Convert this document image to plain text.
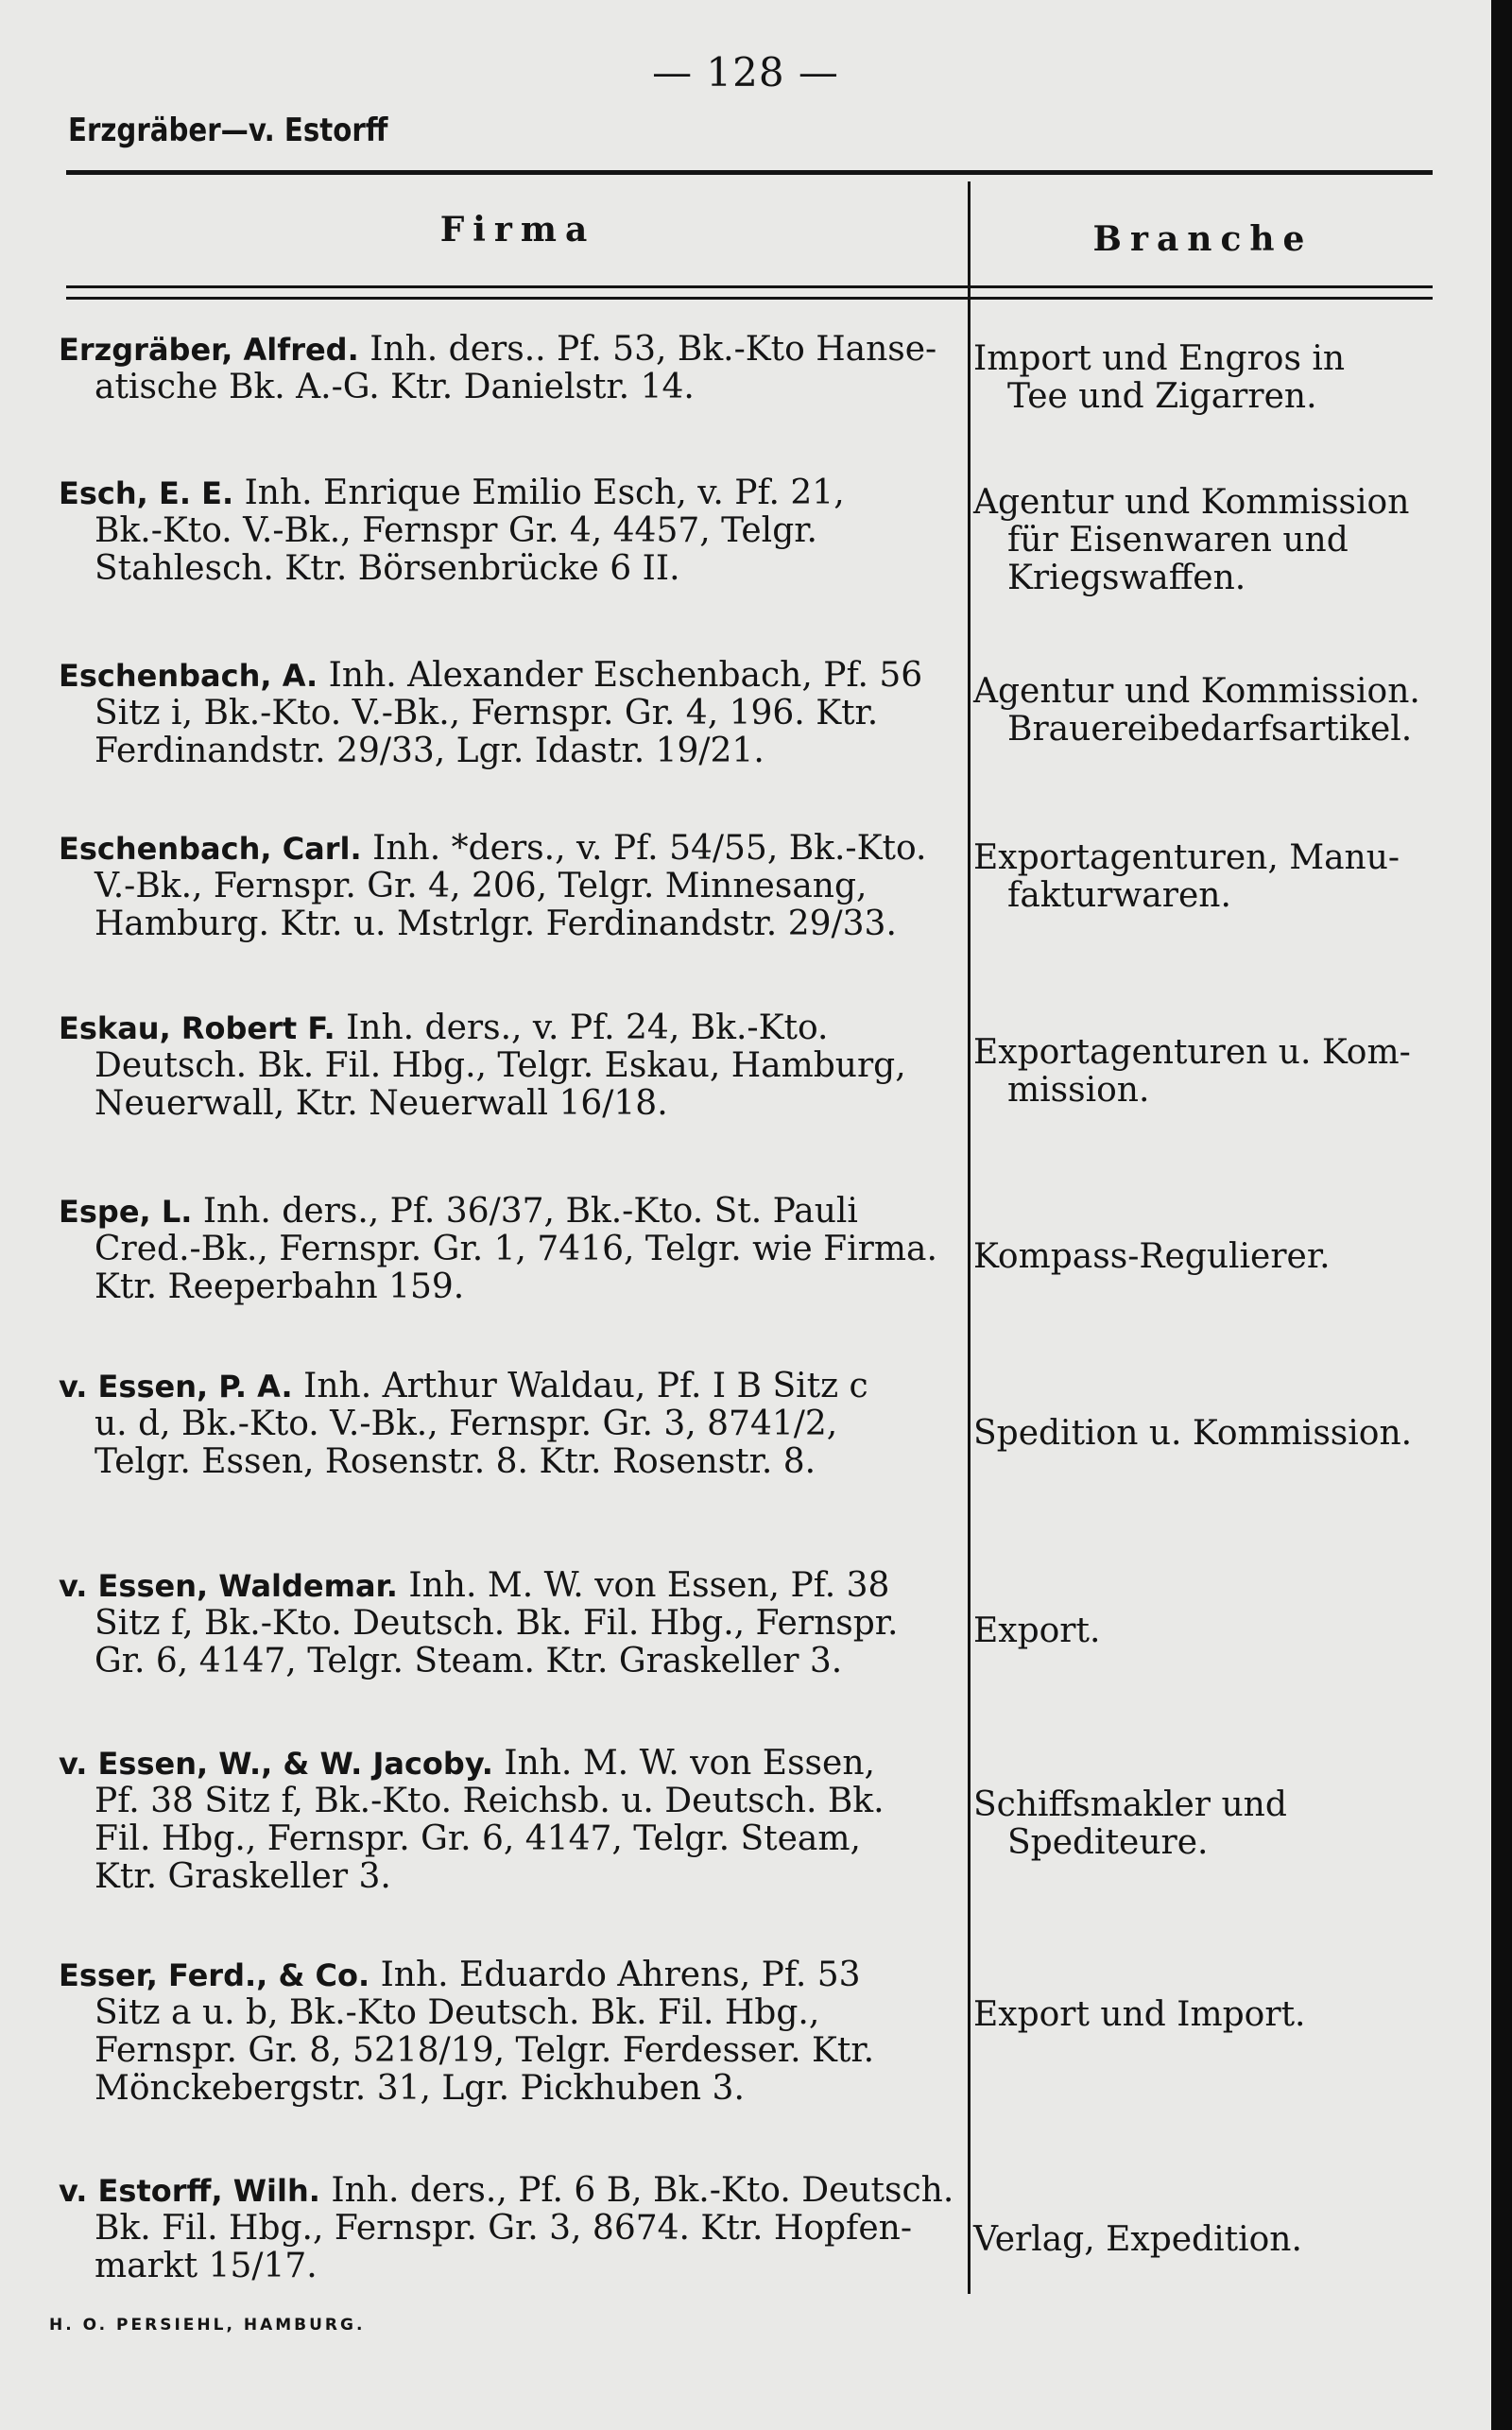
— 128 —
Erzgräber—v. Estorff
Firma	Branche
Erzgräber, Alfred. Inh. ders.. Pf. 53, Bk.-Kto Hanse-
atische Bk. A.-G. Ktr. Danielstr. 14.
Import und Engros in
Tee und Zigarren.
Esch, E. E. Inh. Enrique Emilio Esch, v. Pf. 21,
Bk.-Kto. V.-Bk., Fernspr Gr. 4, 4457, Telgr.
Stahlesch. Ktr. Börsenbrücke 6 II.
Agentur und Kommission
für Eisenwaren und
Kriegswaffen.
Eschenbach, A. Inh. Alexander Eschenbach, Pf. 56
Sitz i, Bk.-Kto. V.-Bk., Fernspr. Gr. 4, 196. Ktr.
Ferdinandstr. 29/33, Lgr. Idastr. 19/21.
Agentur und Kommission.
Brauereibedarfsartikel.
Eschenbach, Carl. Inh. *ders., v. Pf. 54/55, Bk.-Kto.
V.-Bk., Fernspr. Gr. 4, 206, Telgr. Minnesang,
Hamburg. Ktr. u. Mstrlgr. Ferdinandstr. 29/33.
Exportagenturen, Manu-
fakturwaren.
Eskau, Robert F. Inh. ders., v. Pf. 24, Bk.-Kto.
Deutsch. Bk. Fil. Hbg., Telgr. Eskau, Hamburg,
Neuerwall, Ktr. Neuerwall 16/18.
Exportagenturen u. Kom-
mission.
Espe, L. Inh. ders., Pf. 36/37, Bk.-Kto. St. Pauli
Cred.-Bk., Fernspr. Gr. 1, 7416, Telgr. wie Firma.
Ktr. Reeperbahn 159.
Kompass-Regulierer.
v. Essen, P. A. Inh. Arthur Waldau, Pf. I B Sitz c
u. d, Bk.-Kto. V.-Bk., Fernspr. Gr. 3, 8741/2,
Telgr. Essen, Rosenstr. 8. Ktr. Rosenstr. 8.
Spedition u. Kommission.
v. Essen, Waldemar. Inh. M. W. von Essen, Pf. 38
Sitz f, Bk.-Kto. Deutsch. Bk. Fil. Hbg., Fernspr.
Gr. 6, 4147, Telgr. Steam. Ktr. Graskeller 3.
Export.
v. Essen, W., & W. Jacoby. Inh. M. W. von Essen,
Pf. 38 Sitz f, Bk.-Kto. Reichsb. u. Deutsch. Bk.
Fil. Hbg., Fernspr. Gr. 6, 4147, Telgr. Steam,
Ktr. Graskeller 3.
Schiffsmakler und
Spediteure.
Esser, Ferd., & Co. Inh. Eduardo Ahrens, Pf. 53
Sitz a u. b, Bk.-Kto Deutsch. Bk. Fil. Hbg.,
Fernspr. Gr. 8, 5218/19, Telgr. Ferdesser. Ktr.
Mönckebergstr. 31, Lgr. Pickhuben 3.
Export und Import.
v. Estorff, Wilh. Inh. ders., Pf. 6 B, Bk.-Kto. Deutsch.
Bk. Fil. Hbg., Fernspr. Gr. 3, 8674. Ktr. Hopfen-
markt 15/17.
Verlag, Expedition.
H. O. PERSIEHL, HAMBURG.
